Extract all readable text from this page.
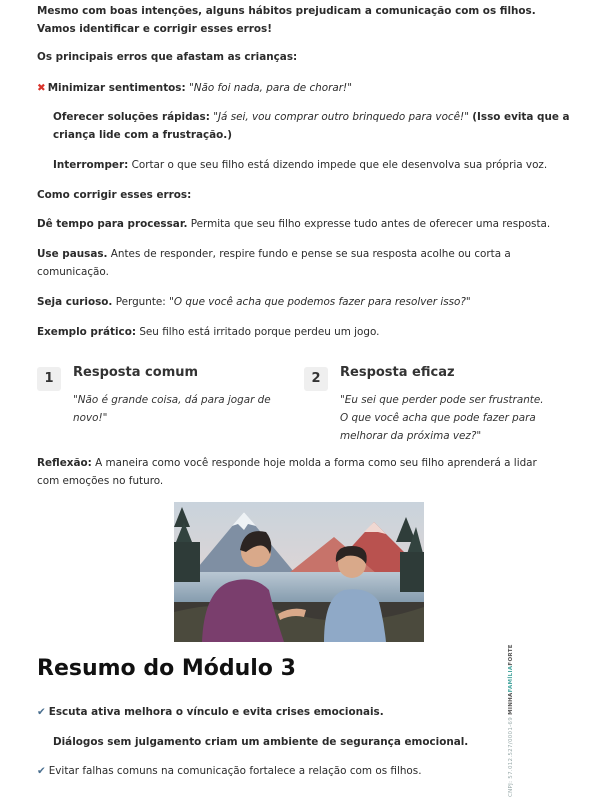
Mesmo com boas intenções, alguns hábitos prejudicam a comunicação com os filhos. Vamos identificar e corrigir esses erros!

Os principais erros que afastam as crianças:

✖ Minimizar sentimentos: "Não foi nada, para de chorar!"

Oferecer soluções rápidas: "Já sei, vou comprar outro brinquedo para você!" (Isso evita que a criança lide com a frustração.)

Interromper: Cortar o que seu filho está dizendo impede que ele desenvolva sua própria voz.

Como corrigir esses erros:

Dê tempo para processar. Permita que seu filho expresse tudo antes de oferecer uma resposta.

Use pausas. Antes de responder, respire fundo e pense se sua resposta acolhe ou corta a comunicação.

Seja curioso. Pergunte: "O que você acha que podemos fazer para resolver isso?"

Exemplo prático: Seu filho está irritado porque perdeu um jogo.

1	Resposta comum
"Não é grande coisa, dá para jogar de novo!"
2	Resposta eficaz
"Eu sei que perder pode ser frustrante. O que você acha que pode fazer para melhorar da próxima vez?"

Reflexão: A maneira como você responde hoje molda a forma como seu filho aprenderá a lidar com emoções no futuro.

Resumo do Módulo 3

✔ Escuta ativa melhora o vínculo e evita crises emocionais.

Diálogos sem julgamento criam um ambiente de segurança emocional.

✔ Evitar falhas comuns na comunicação fortalece a relação com os filhos.	CNPJ: 57.012.527/0001-69 MINHAFAMÍLIAFORTE
